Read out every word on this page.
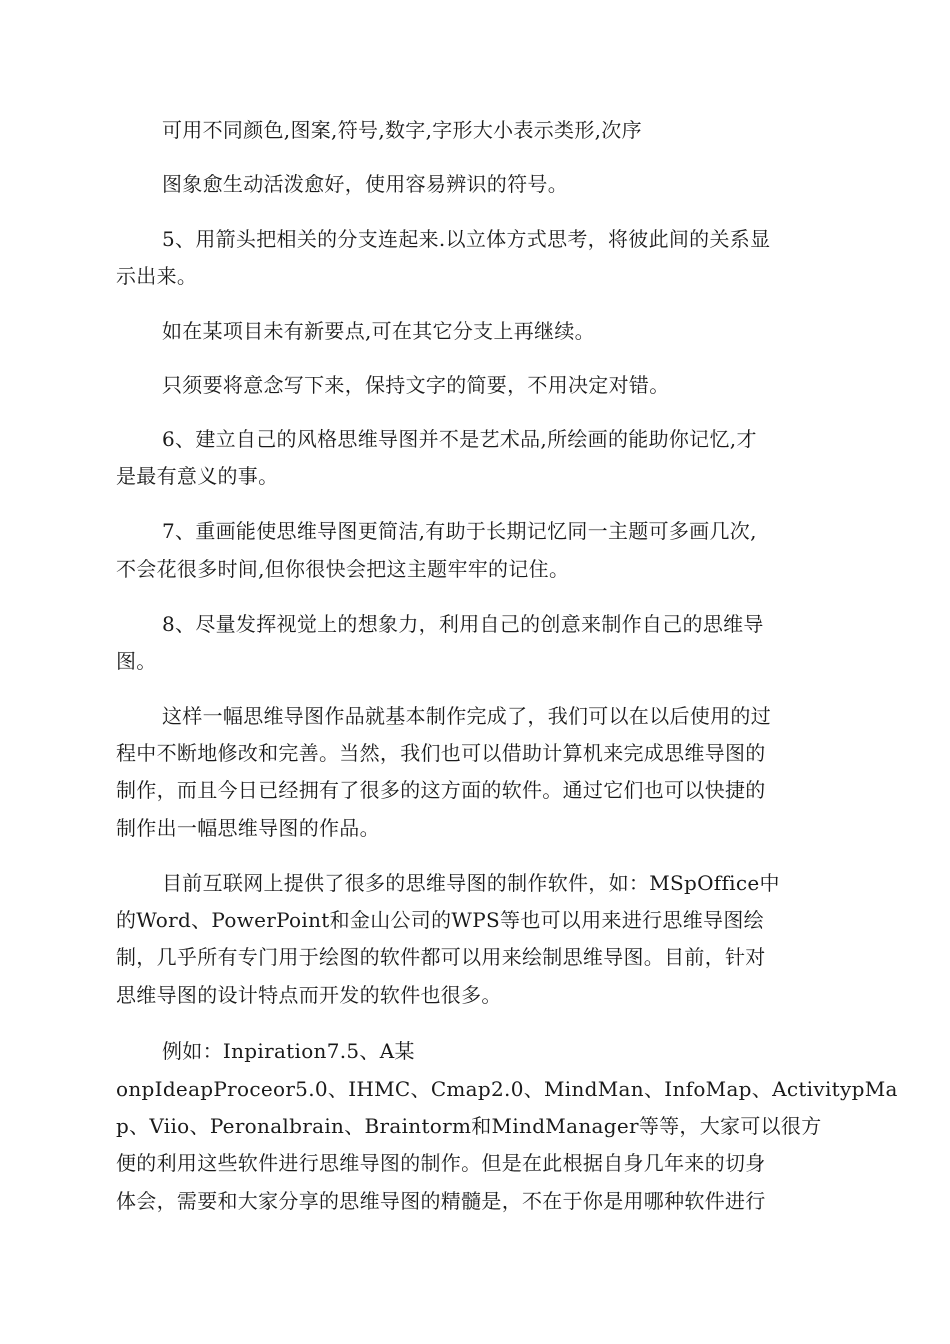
可用不同颜色,图案,符号,数字,字形大小表示类形,次序
图象愈生动活泼愈好，使用容易辨识的符号。
5、用箭头把相关的分支连起来.以立体方式思考，将彼此间的关系显
示出来。
如在某项目未有新要点,可在其它分支上再继续。
只须要将意念写下来，保持文字的简要，不用决定对错。
6、建立自己的风格思维导图并不是艺术品,所绘画的能助你记忆,才
是最有意义的事。
7、重画能使思维导图更简洁,有助于长期记忆同一主题可多画几次,
不会花很多时间,但你很快会把这主题牢牢的记住。
8、尽量发挥视觉上的想象力，利用自己的创意来制作自己的思维导
图。
这样一幅思维导图作品就基本制作完成了，我们可以在以后使用的过
程中不断地修改和完善。当然，我们也可以借助计算机来完成思维导图的
制作，而且今日已经拥有了很多的这方面的软件。通过它们也可以快捷的
制作出一幅思维导图的作品。
目前互联网上提供了很多的思维导图的制作软件，如：MSpOffice中
的Word、PowerPoint和金山公司的WPS等也可以用来进行思维导图绘
制，几乎所有专门用于绘图的软件都可以用来绘制思维导图。目前，针对
思维导图的设计特点而开发的软件也很多。
例如：Inpiration7.5、A某
onpIdeapProceor5.0、IHMC、Cmap2.0、MindMan、InfoMap、ActivitypMa
p、Viio、Peronalbrain、Braintorm和MindManager等等，大家可以很方
便的利用这些软件进行思维导图的制作。但是在此根据自身几年来的切身
体会，需要和大家分享的思维导图的精髓是，不在于你是用哪种软件进行
